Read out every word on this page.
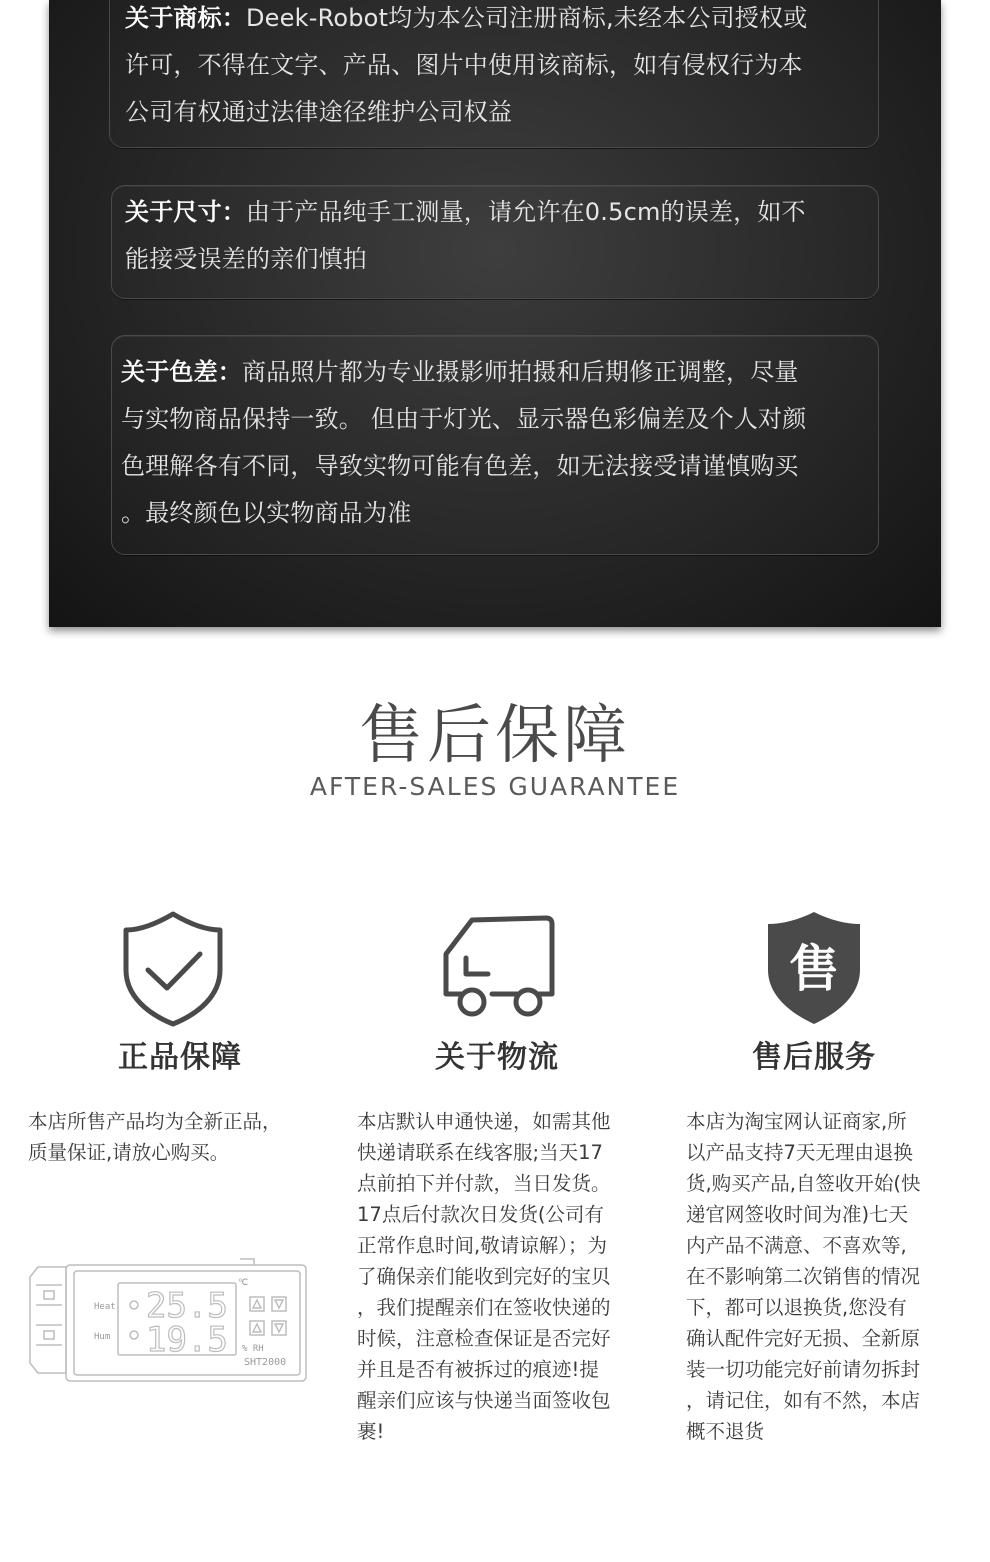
关于商标：Deek-Robot均为本公司注册商标,未经本公司授权或
许可，不得在文字、产品、图片中使用该商标，如有侵权行为本
公司有权通过法律途径维护公司权益

关于尺寸：由于产品纯手工测量，请允许在0.5cm的误差，如不
能接受误差的亲们慎拍

关于色差：商品照片都为专业摄影师拍摄和后期修正调整，尽量
与实物商品保持一致。 但由于灯光、显示器色彩偏差及个人对颜
色理解各有不同，导致实物可能有色差，如无法接受请谨慎购买
。最终颜色以实物商品为准

售后保障

AFTER-SALES GUARANTEE

正品保障

本店所售产品均为全新正品，
质量保证,请放心购买。

关于物流

本店默认申通快递，如需其他
快递请联系在线客服;当天17
点前拍下并付款，当日发货。
17点后付款次日发货(公司有
正常作息时间,敬请谅解）；为
了确保亲们能收到完好的宝贝
，我们提醒亲们在签收快递的
时候，注意检查保证是否完好
并且是否有被拆过的痕迹!提
醒亲们应该与快递当面签收包
裹!

售
售后服务

本店为淘宝网认证商家,所
以产品支持7天无理由退换
货,购买产品,自签收开始(快
递官网签收时间为准)七天
内产品不满意、不喜欢等,
在不影响第二次销售的情况
下，都可以退换货,您没有
确认配件完好无损、全新原
装一切功能完好前请勿拆封
，请记住，如有不然，本店
概不退货

Heat
Hum
25.5
19.5
℃
% RH
SHT2000
